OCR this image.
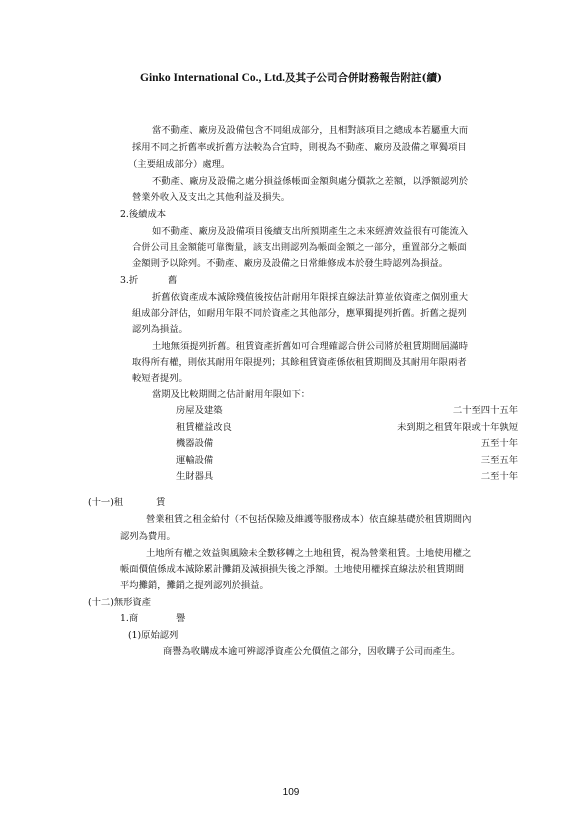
Ginko International Co., Ltd.及其子公司合併財務報告附註(續)
當不動產、廠房及設備包含不同組成部分，且相對該項目之總成本若屬重大而
採用不同之折舊率或折舊方法較為合宜時，則視為不動產、廠房及設備之單獨項目
（主要組成部分）處理。
不動產、廠房及設備之處分損益係帳面金額與處分價款之差額，以淨額認列於
營業外收入及支出之其他利益及損失。
2.後續成本
如不動產、廠房及設備項目後續支出所預期產生之未來經濟效益很有可能流入
合併公司且金額能可靠衡量，該支出則認列為帳面金額之一部分，重置部分之帳面
金額則予以除列。不動產、廠房及設備之日常維修成本於發生時認列為損益。
3.折	舊
折舊依資產成本減除殘值後按估計耐用年限採直線法計算並依資產之個別重大
組成部分評估，如耐用年限不同於資產之其他部分，應單獨提列折舊。折舊之提列
認列為損益。
土地無須提列折舊。租賃資產折舊如可合理確認合併公司將於租賃期間屆滿時
取得所有權，則依其耐用年限提列；其餘租賃資產係依租賃期間及其耐用年限兩者
較短者提列。
當期及比較期間之估計耐用年限如下：
房屋及建築	二十至四十五年
租賃權益改良	未到期之租賃年限或十年孰短
機器設備	五至十年
運輸設備	三至五年
生財器具	二至十年
(十一)租	賃
營業租賃之租金給付（不包括保險及維護等服務成本）依直線基礎於租賃期間內
認列為費用。
土地所有權之效益與風險未全數移轉之土地租賃，視為營業租賃。土地使用權之
帳面價值係成本減除累計攤銷及減損損失後之淨額。土地使用權採直線法於租賃期間
平均攤銷，攤銷之提列認列於損益。
(十二)無形資產
1.商	譽
(1)原始認列
商譽為收購成本逾可辨認淨資產公允價值之部分，因收購子公司而產生。
109
